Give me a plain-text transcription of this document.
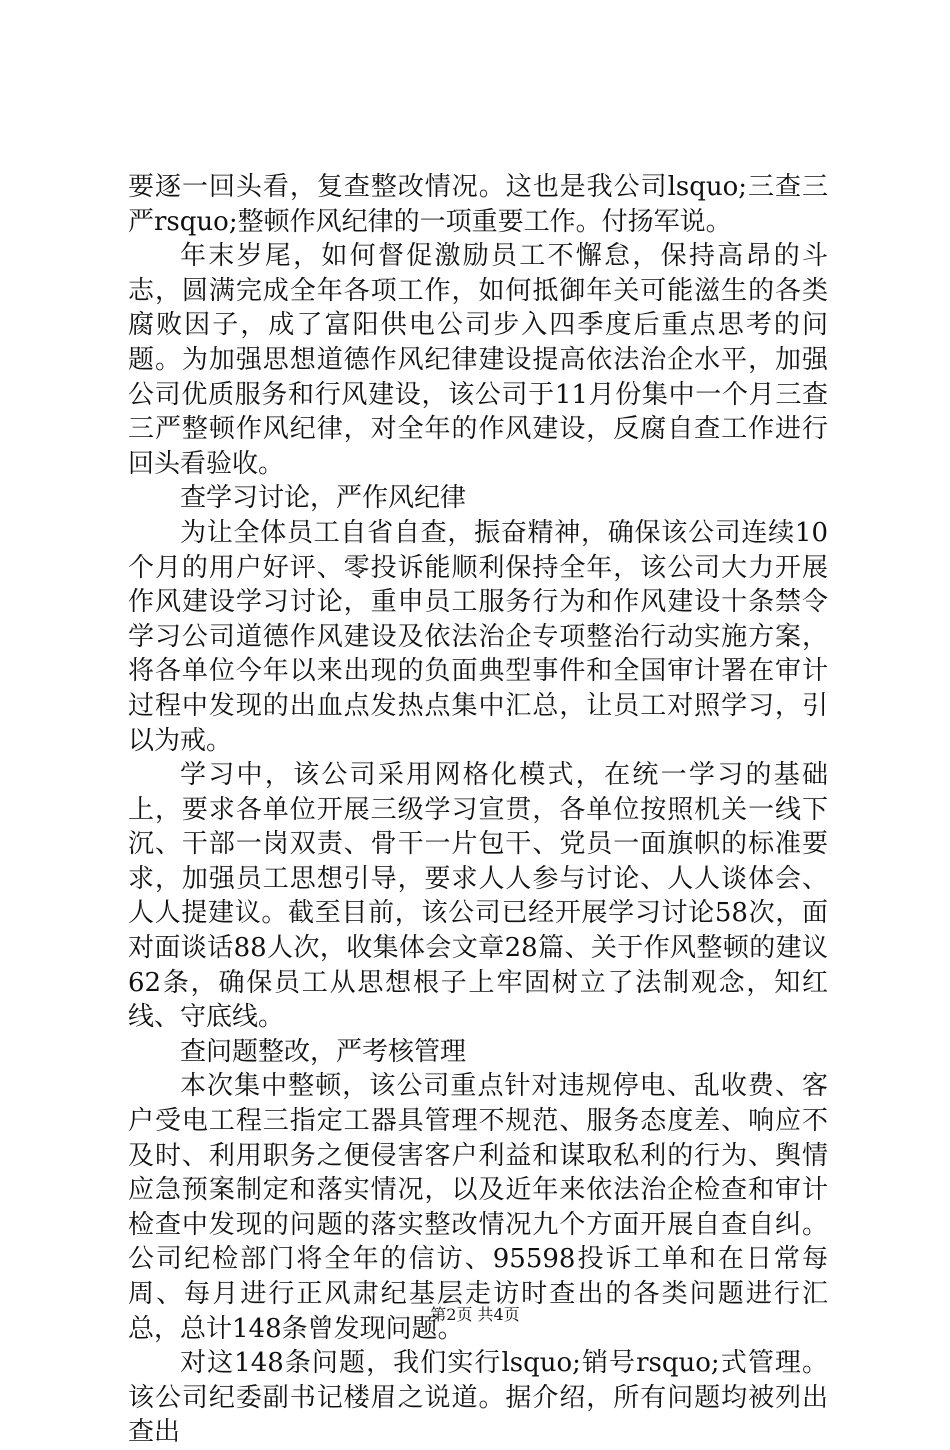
要逐一回头看，复查整改情况。这也是我公司lsquo;三查三严rsquo;整顿作风纪律的一项重要工作。付扬军说。

年末岁尾，如何督促激励员工不懈怠，保持高昂的斗志，圆满完成全年各项工作，如何抵御年关可能滋生的各类腐败因子，成了富阳供电公司步入四季度后重点思考的问题。为加强思想道德作风纪律建设提高依法治企水平，加强公司优质服务和行风建设，该公司于11月份集中一个月三查三严整顿作风纪律，对全年的作风建设，反腐自查工作进行回头看验收。

查学习讨论，严作风纪律

为让全体员工自省自查，振奋精神，确保该公司连续10个月的用户好评、零投诉能顺利保持全年，该公司大力开展作风建设学习讨论，重申员工服务行为和作风建设十条禁令学习公司道德作风建设及依法治企专项整治行动实施方案，将各单位今年以来出现的负面典型事件和全国审计署在审计过程中发现的出血点发热点集中汇总，让员工对照学习，引以为戒。

学习中，该公司采用网格化模式，在统一学习的基础上，要求各单位开展三级学习宣贯，各单位按照机关一线下沉、干部一岗双责、骨干一片包干、党员一面旗帜的标准要求，加强员工思想引导，要求人人参与讨论、人人谈体会、人人提建议。截至目前，该公司已经开展学习讨论58次，面对面谈话88人次，收集体会文章28篇、关于作风整顿的建议62条，确保员工从思想根子上牢固树立了法制观念，知红线、守底线。

查问题整改，严考核管理

本次集中整顿，该公司重点针对违规停电、乱收费、客户受电工程三指定工器具管理不规范、服务态度差、响应不及时、利用职务之便侵害客户利益和谋取私利的行为、舆情应急预案制定和落实情况，以及近年来依法治企检查和审计检查中发现的问题的落实整改情况九个方面开展自查自纠。公司纪检部门将全年的信访、95598投诉工单和在日常每周、每月进行正风肃纪基层走访时查出的各类问题进行汇总，总计148条曾发现问题。

对这148条问题，我们实行lsquo;销号rsquo;式管理。该公司纪委副书记楼眉之说道。据介绍，所有问题均被列出查出

第2页 共4页
